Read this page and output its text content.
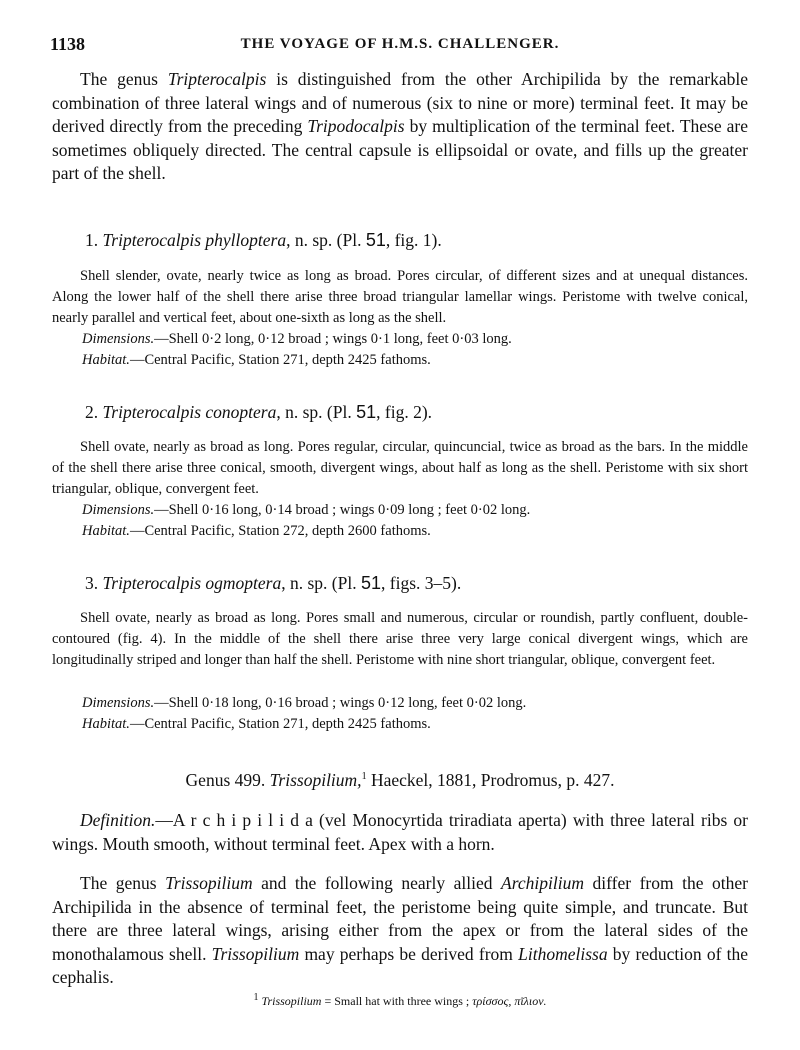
1138	THE VOYAGE OF H.M.S. CHALLENGER.

The genus Tripterocalpis is distinguished from the other Archipilida by the remarkable combination of three lateral wings and of numerous (six to nine or more) terminal feet. It may be derived directly from the preceding Tripodocalpis by multiplication of the terminal feet. These are sometimes obliquely directed. The central capsule is ellipsoidal or ovate, and fills up the greater part of the shell.

1. Tripterocalpis phylloptera, n. sp. (Pl. 51, fig. 1).

Shell slender, ovate, nearly twice as long as broad. Pores circular, of different sizes and at unequal distances. Along the lower half of the shell there arise three broad triangular lamellar wings. Peristome with twelve conical, nearly parallel and vertical feet, about one-sixth as long as the shell.

Dimensions.—Shell 0·2 long, 0·12 broad ; wings 0·1 long, feet 0·03 long.
Habitat.—Central Pacific, Station 271, depth 2425 fathoms.
2. Tripterocalpis conoptera, n. sp. (Pl. 51, fig. 2).

Shell ovate, nearly as broad as long. Pores regular, circular, quincuncial, twice as broad as the bars. In the middle of the shell there arise three conical, smooth, divergent wings, about half as long as the shell. Peristome with six short triangular, oblique, convergent feet.

Dimensions.—Shell 0·16 long, 0·14 broad ; wings 0·09 long ; feet 0·02 long.
Habitat.—Central Pacific, Station 272, depth 2600 fathoms.
3. Tripterocalpis ogmoptera, n. sp. (Pl. 51, figs. 3–5).

Shell ovate, nearly as broad as long. Pores small and numerous, circular or roundish, partly confluent, double-contoured (fig. 4). In the middle of the shell there arise three very large conical divergent wings, which are longitudinally striped and longer than half the shell. Peristome with nine short triangular, oblique, convergent feet.

Dimensions.—Shell 0·18 long, 0·16 broad ; wings 0·12 long, feet 0·02 long.
Habitat.—Central Pacific, Station 271, depth 2425 fathoms.
Genus 499. Trissopilium,$^1$ Haeckel, 1881, Prodromus, p. 427.

Definition.—A r c h i p i l i d a (vel Monocyrtida triradiata aperta) with three lateral ribs or wings. Mouth smooth, without terminal feet. Apex with a horn.

The genus Trissopilium and the following nearly allied Archipilium differ from the other Archipilida in the absence of terminal feet, the peristome being quite simple, and truncate. But there are three lateral wings, arising either from the apex or from the lateral sides of the monothalamous shell. Trissopilium may perhaps be derived from Lithomelissa by reduction of the cephalis.

$^1$ Trissopilium = Small hat with three wings ; τρίσσος, πῖλιον.
